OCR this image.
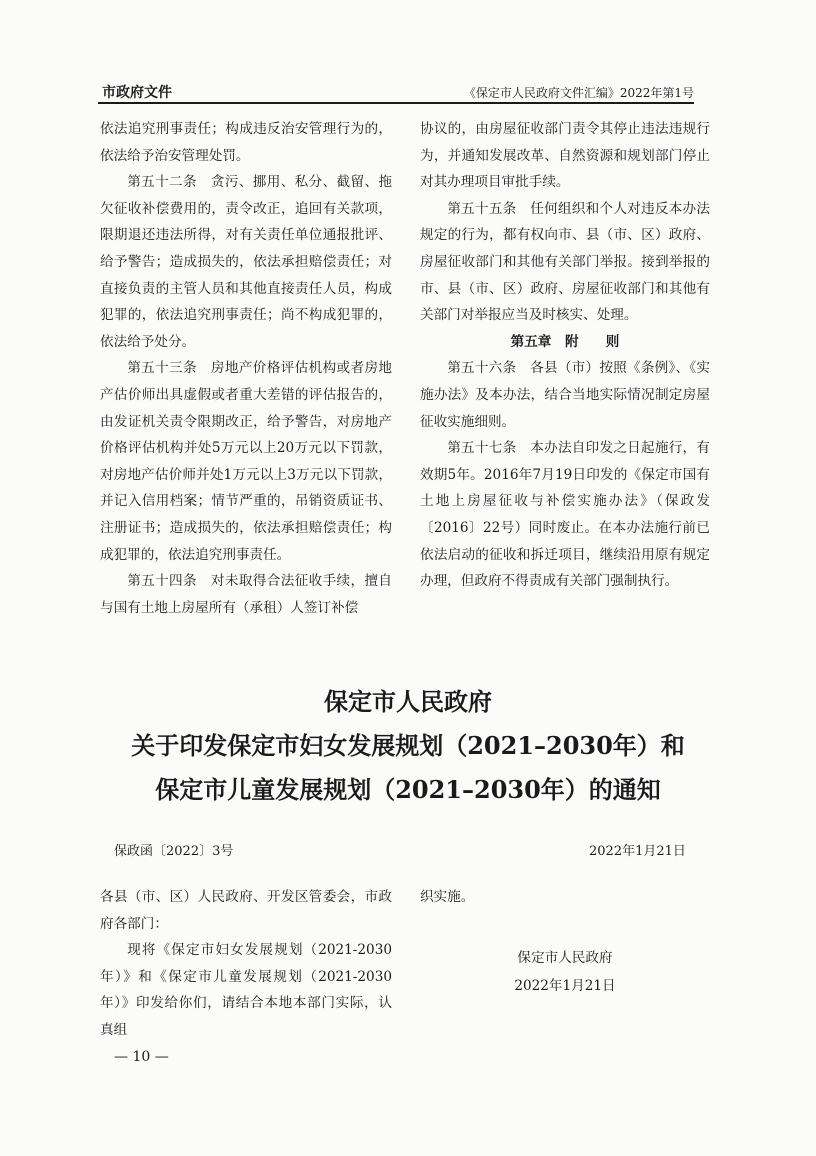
市政府文件	《保定市人民政府文件汇编》2022年第1号

依法追究刑事责任；构成违反治安管理行为的，依法给予治安管理处罚。

第五十二条　贪污、挪用、私分、截留、拖欠征收补偿费用的，责令改正，追回有关款项，限期退还违法所得，对有关责任单位通报批评、给予警告；造成损失的，依法承担赔偿责任；对直接负责的主管人员和其他直接责任人员，构成犯罪的，依法追究刑事责任；尚不构成犯罪的，依法给予处分。

第五十三条　房地产价格评估机构或者房地产估价师出具虚假或者重大差错的评估报告的，由发证机关责令限期改正，给予警告，对房地产价格评估机构并处5万元以上20万元以下罚款，对房地产估价师并处1万元以上3万元以下罚款，并记入信用档案；情节严重的，吊销资质证书、注册证书；造成损失的，依法承担赔偿责任；构成犯罪的，依法追究刑事责任。

第五十四条　对未取得合法征收手续，擅自与国有土地上房屋所有（承租）人签订补偿

协议的，由房屋征收部门责令其停止违法违规行为，并通知发展改革、自然资源和规划部门停止对其办理项目审批手续。

第五十五条　任何组织和个人对违反本办法规定的行为，都有权向市、县（市、区）政府、房屋征收部门和其他有关部门举报。接到举报的市、县（市、区）政府、房屋征收部门和其他有关部门对举报应当及时核实、处理。

第五章　附　　则

第五十六条　各县（市）按照《条例》、《实施办法》及本办法，结合当地实际情况制定房屋征收实施细则。

第五十七条　本办法自印发之日起施行，有效期5年。2016年7月19日印发的《保定市国有土地上房屋征收与补偿实施办法》（保政发〔2016〕22号）同时废止。在本办法施行前已依法启动的征收和拆迁项目，继续沿用原有规定办理，但政府不得责成有关部门强制执行。

保定市人民政府
关于印发保定市妇女发展规划（2021–2030年）和
保定市儿童发展规划（2021–2030年）的通知
保政函〔2022〕3号	2022年1月21日

各县（市、区）人民政府、开发区管委会，市政府各部门：

现将《保定市妇女发展规划（2021-2030年）》和《保定市儿童发展规划（2021-2030年）》印发给你们，请结合本地本部门实际，认真组

织实施。
保定市人民政府
2022年1月21日
— 10 —
